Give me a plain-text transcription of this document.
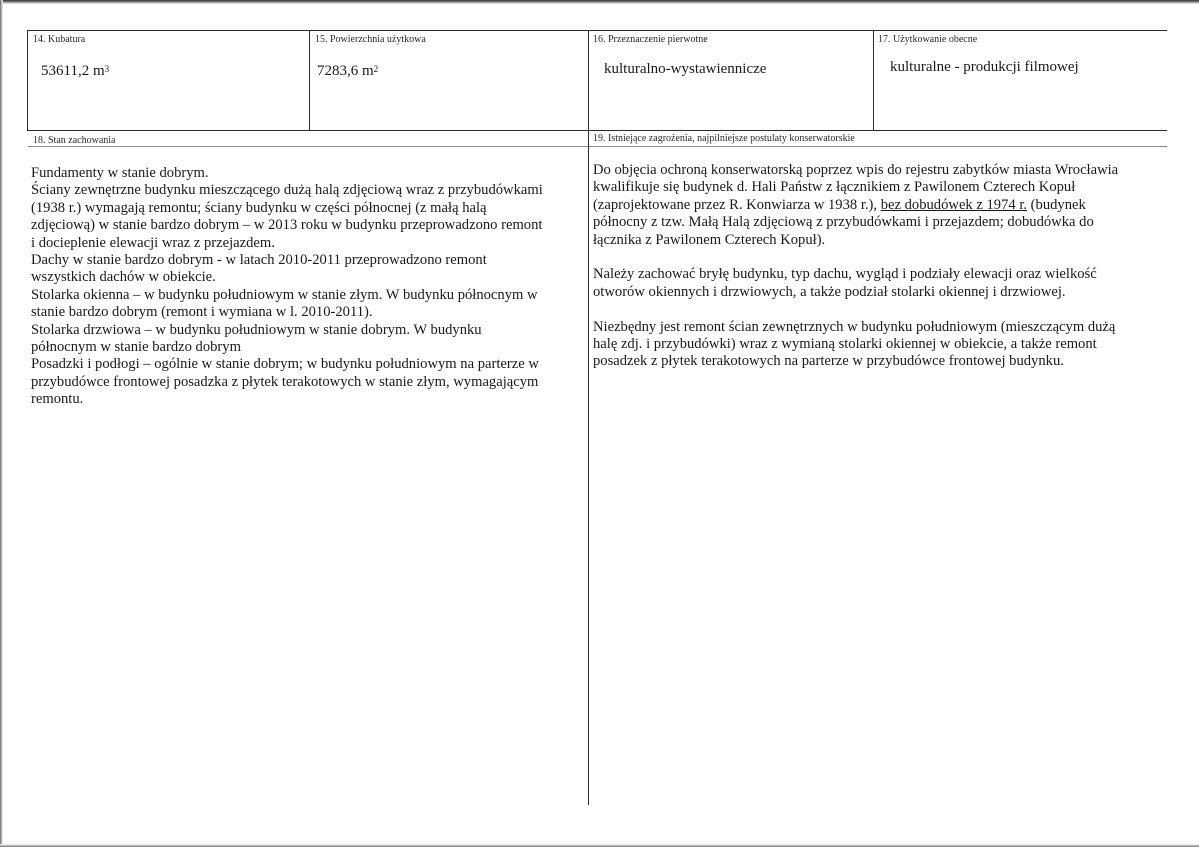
14. Kubatura
53611,2 $m^3$
15. Powierzchnia użytkowa
7283,6 $m^2$
16. Przeznaczenie pierwotne
kulturalno-wystawiennicze
17. Użytkowanie obecne
kulturalne - produkcji filmowej
18. Stan zachowania
Fundamenty w stanie dobrym.
Ściany zewnętrzne budynku mieszczącego dużą halą zdjęciową wraz z przybudówkami
(1938 r.) wymagają remontu; ściany budynku w części północnej (z małą halą
zdjęciową) w stanie bardzo dobrym – w 2013 roku w budynku przeprowadzono remont
i docieplenie elewacji wraz z przejazdem.
Dachy w stanie bardzo dobrym - w latach 2010-2011 przeprowadzono remont
wszystkich dachów w obiekcie.
Stolarka okienna – w budynku południowym w stanie złym. W budynku północnym w
stanie bardzo dobrym (remont i wymiana w l. 2010-2011).
Stolarka drzwiowa – w budynku południowym w stanie dobrym. W budynku
północnym w stanie bardzo dobrym
Posadzki i podłogi – ogólnie w stanie dobrym; w budynku południowym na parterze w
przybudówce frontowej posadzka z płytek terakotowych w stanie złym, wymagającym
remontu.
19. Istniejące zagrożenia, najpilniejsze postulaty konserwatorskie
Do objęcia ochroną konserwatorską poprzez wpis do rejestru zabytków miasta Wrocławia
kwalifikuje się budynek d. Hali Państw z łącznikiem z Pawilonem Czterech Kopuł
(zaprojektowane przez R. Konwiarza w 1938 r.), bez dobudówek z 1974 r. (budynek
północny z tzw. Małą Halą zdjęciową z przybudówkami i przejazdem; dobudówka do
łącznika z Pawilonem Czterech Kopuł).
Należy zachować bryłę budynku, typ dachu, wygląd i podziały elewacji oraz wielkość
otworów okiennych i drzwiowych, a także podział stolarki okiennej i drzwiowej.
Niezbędny jest remont ścian zewnętrznych w budynku południowym (mieszczącym dużą
halę zdj. i przybudówki) wraz z wymianą stolarki okiennej w obiekcie, a także remont
posadzek z płytek terakotowych na parterze w przybudówce frontowej budynku.
